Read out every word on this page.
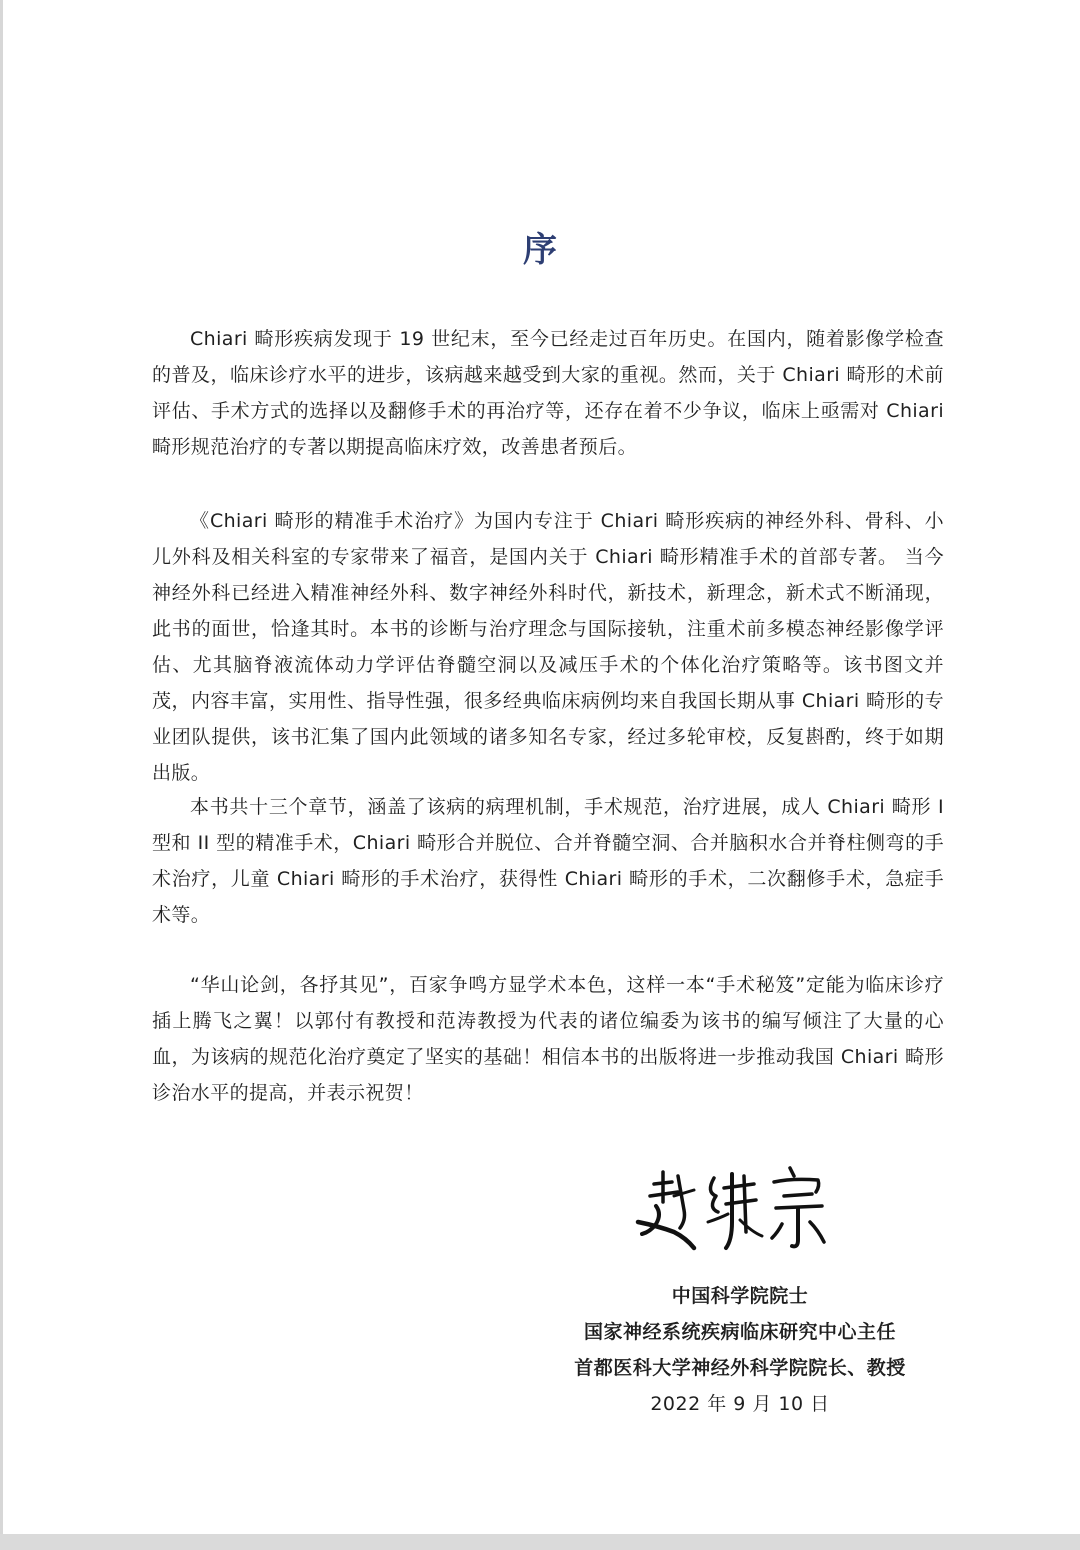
序

Chiari 畸形疾病发现于 19 世纪末，至今已经走过百年历史。在国内，随着影像学检查的普及，临床诊疗水平的进步，该病越来越受到大家的重视。然而，关于 Chiari 畸形的术前评估、手术方式的选择以及翻修手术的再治疗等，还存在着不少争议，临床上亟需对 Chiari 畸形规范治疗的专著以期提高临床疗效，改善患者预后。

《Chiari 畸形的精准手术治疗》为国内专注于 Chiari 畸形疾病的神经外科、骨科、小儿外科及相关科室的专家带来了福音，是国内关于 Chiari 畸形精准手术的首部专著。 当今神经外科已经进入精准神经外科、数字神经外科时代，新技术，新理念，新术式不断涌现，此书的面世，恰逢其时。本书的诊断与治疗理念与国际接轨，注重术前多模态神经影像学评估、尤其脑脊液流体动力学评估脊髓空洞以及减压手术的个体化治疗策略等。该书图文并茂，内容丰富，实用性、指导性强，很多经典临床病例均来自我国长期从事 Chiari 畸形的专业团队提供，该书汇集了国内此领域的诸多知名专家，经过多轮审校，反复斟酌，终于如期出版。

本书共十三个章节，涵盖了该病的病理机制，手术规范，治疗进展，成人 Chiari 畸形 I 型和 II 型的精准手术，Chiari 畸形合并脱位、合并脊髓空洞、合并脑积水合并脊柱侧弯的手术治疗，儿童 Chiari 畸形的手术治疗，获得性 Chiari 畸形的手术，二次翻修手术，急症手术等。

“华山论剑，各抒其见”，百家争鸣方显学术本色，这样一本“手术秘笈”定能为临床诊疗插上腾飞之翼！以郭付有教授和范涛教授为代表的诸位编委为该书的编写倾注了大量的心血，为该病的规范化治疗奠定了坚实的基础！相信本书的出版将进一步推动我国 Chiari 畸形诊治水平的提高，并表示祝贺！

中国科学院院士
国家神经系统疾病临床研究中心主任
首都医科大学神经外科学院院长、教授
2022 年 9 月 10 日
